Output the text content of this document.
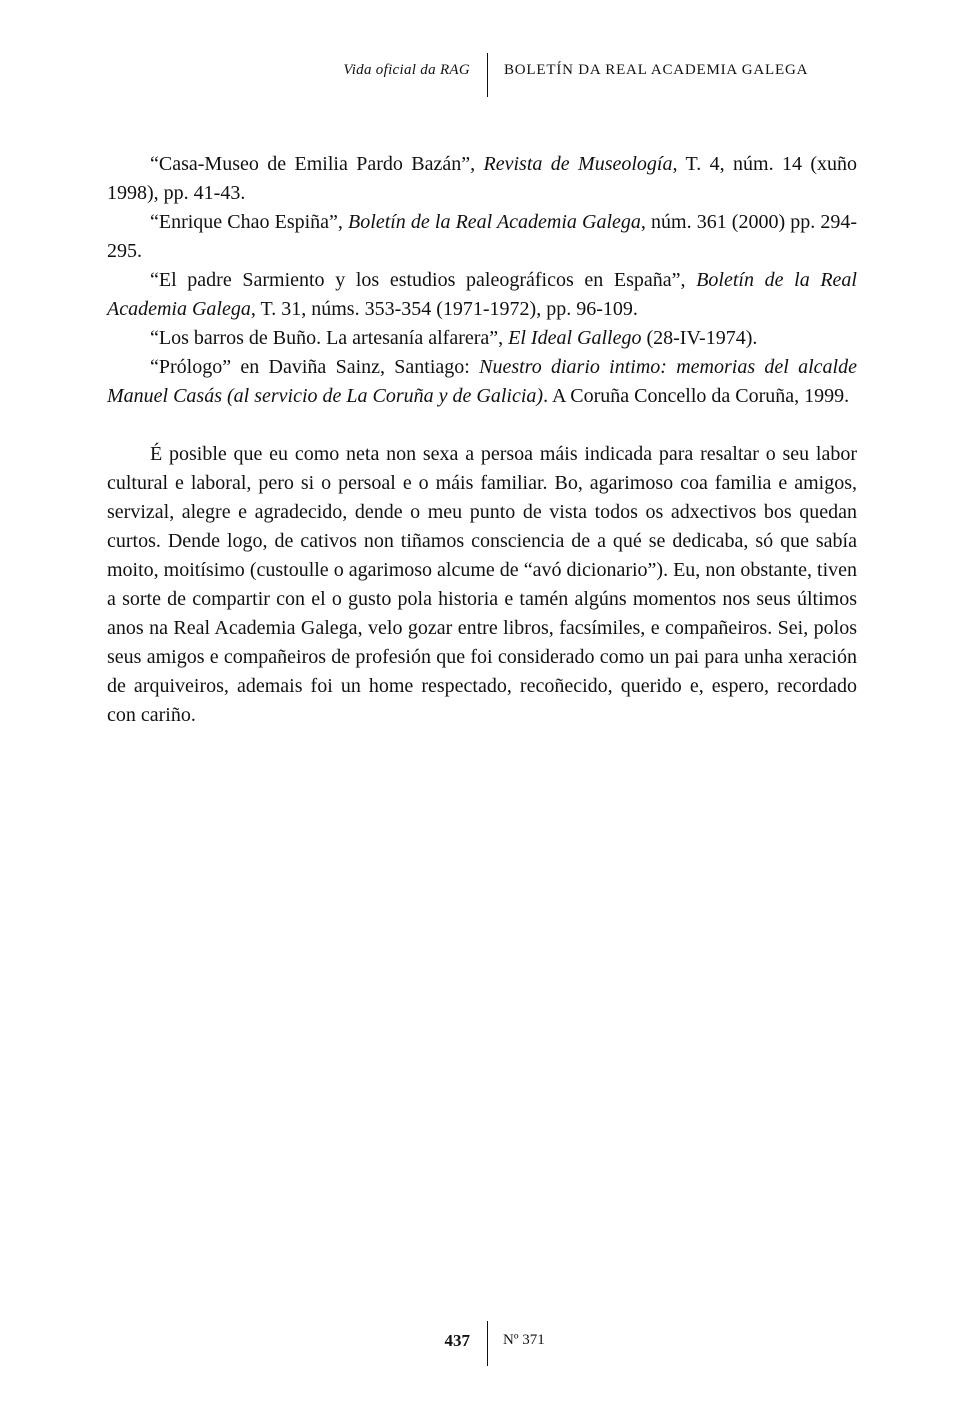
Vida oficial da RAG BOLETÍN DA REAL ACADEMIA GALEGA

“Casa-Museo de Emilia Pardo Bazán”, Revista de Museología, T. 4, núm. 14 (xuño 1998), pp. 41-43.

“Enrique Chao Espiña”, Boletín de la Real Academia Galega, núm. 361 (2000) pp. 294-295.

“El padre Sarmiento y los estudios paleográficos en España”, Boletín de la Real Academia Galega, T. 31, núms. 353-354 (1971-1972), pp. 96-109.

“Los barros de Buño. La artesanía alfarera”, El Ideal Gallego (28-IV-1974).

“Prólogo” en Daviña Sainz, Santiago: Nuestro diario intimo: memorias del alcalde Manuel Casás (al servicio de La Coruña y de Galicia). A Coruña Concello da Coruña, 1999.

É posible que eu como neta non sexa a persoa máis indicada para resaltar o seu labor cultural e laboral, pero si o persoal e o máis familiar. Bo, agarimoso coa familia e amigos, servizal, alegre e agradecido, dende o meu punto de vista todos os adxectivos bos quedan curtos. Dende logo, de cativos non tiñamos consciencia de a qué se dedicaba, só que sabía moito, moitísimo (custoulle o agarimoso alcume de “avó dicionario”). Eu, non obstante, tiven a sorte de compartir con el o gusto pola historia e tamén algúns momentos nos seus últimos anos na Real Academia Galega, velo gozar entre libros, facsímiles, e compañeiros. Sei, polos seus amigos e compañeiros de profesión que foi considerado como un pai para unha xeración de arquiveiros, ademais foi un home respectado, recoñecido, querido e, espero, recordado con cariño.

437 Nº 371
